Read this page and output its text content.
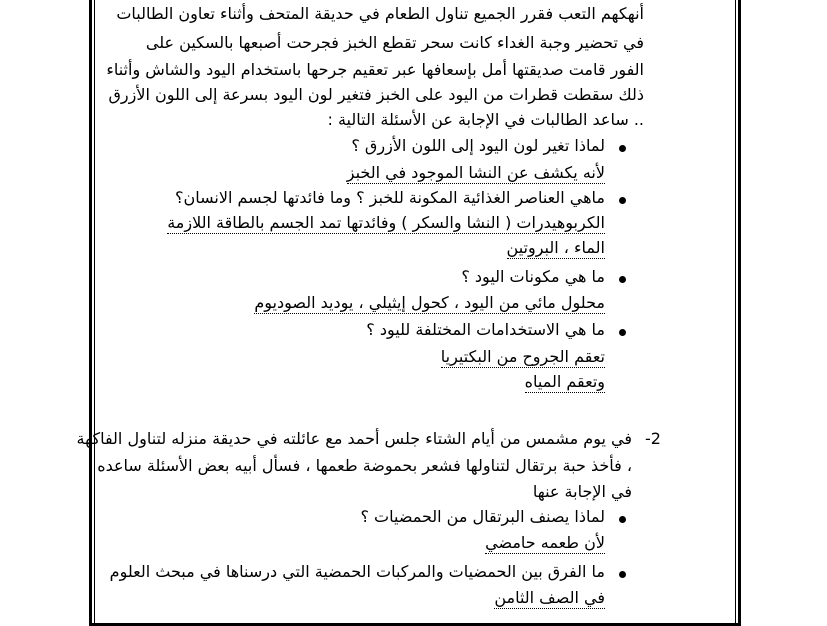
أنهكهم التعب فقرر الجميع تناول الطعام في حديقة المتحف وأثناء تعاون الطالبات
في تحضير وجبة الغداء كانت سحر تقطع الخبز فجرحت أصبعها بالسكين على
الفور قامت صديقتها أمل بإسعافها عبر تعقيم جرحها باستخدام اليود والشاش وأثناء
ذلك سقطت قطرات من اليود على الخبز فتغير لون اليود بسرعة إلى اللون الأزرق
.. ساعد الطالبات في الإجابة عن الأسئلة التالية :
لماذا تغير لون اليود إلى اللون الأزرق ؟
لأنه يكشف عن النشا الموجود في الخبز
ماهي العناصر الغذائية المكونة للخبز ؟ وما فائدتها لجسم الانسان؟
الكربوهيدرات ( النشا والسكر ) وفائدتها تمد الجسم بالطاقة اللازمة
الماء ، البروتين
ما هي مكونات اليود ؟
محلول مائي من اليود ، كحول إيثيلي ، يوديد الصوديوم
ما هي الاستخدامات المختلفة لليود ؟
تعقم الجروح من البكتيريا
وتعقم المياه
-2
في يوم مشمس من أيام الشتاء جلس أحمد مع عائلته في حديقة منزله لتناول الفاكهة
، فأخذ حبة برتقال لتناولها فشعر بحموضة طعمها ، فسأل أبيه بعض الأسئلة ساعده
في الإجابة عنها
لماذا يصنف البرتقال من الحمضيات ؟
لأن طعمه حامضي
ما الفرق بين الحمضيات والمركبات الحمضية التي درسناها في مبحث العلوم
في الصف الثامن
